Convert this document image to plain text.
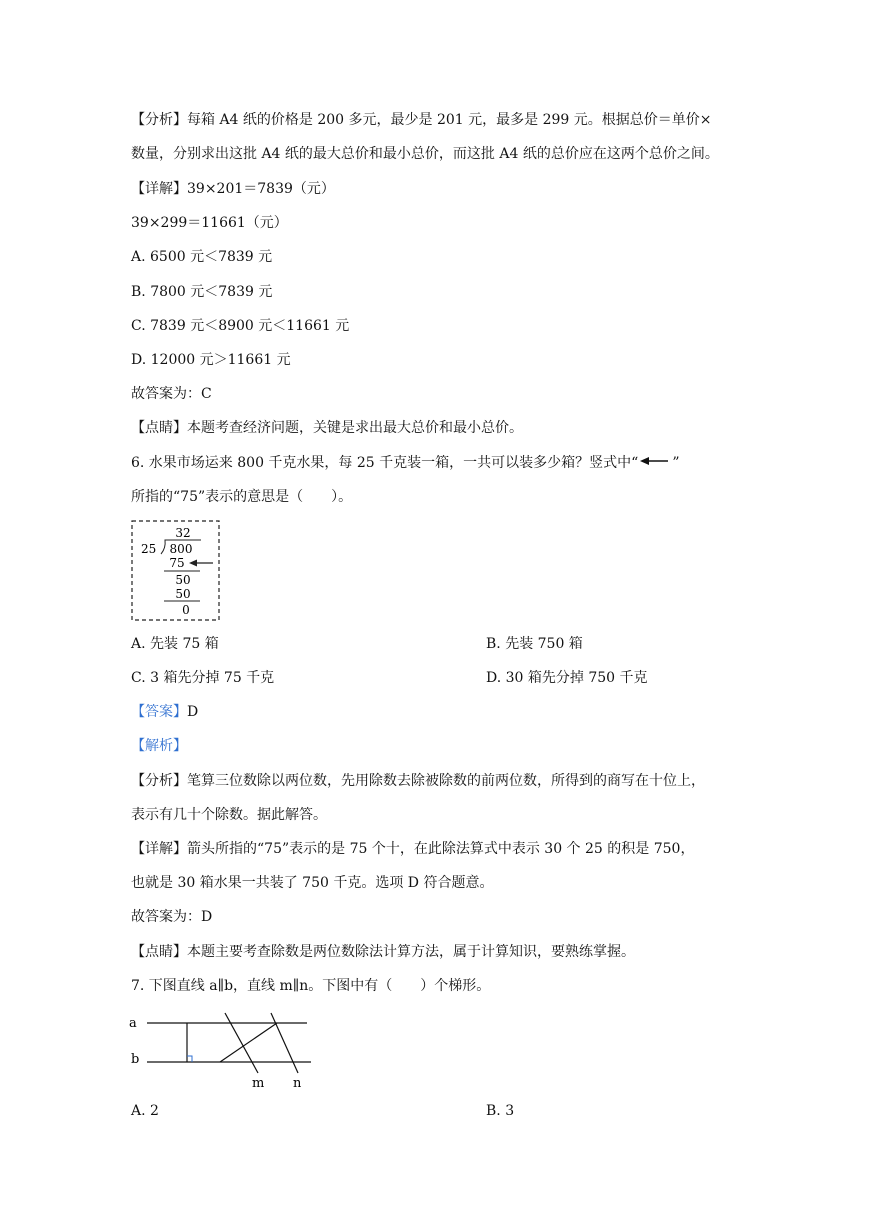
【分析】每箱 A4 纸的价格是 200 多元，最少是 201 元，最多是 299 元。根据总价＝单价×
数量，分别求出这批 A4 纸的最大总价和最小总价，而这批 A4 纸的总价应在这两个总价之间。
【详解】39×201＝7839（元）
39×299＝11661（元）
A. 6500 元＜7839 元
B. 7800 元＜7839 元
C. 7839 元＜8900 元＜11661 元
D. 12000 元＞11661 元
故答案为：C
【点睛】本题考查经济问题，关键是求出最大总价和最小总价。
6. 水果市场运来 800 千克水果，每 25 千克装一箱，一共可以装多少箱？竖式中“ ”
所指的“75”表示的意思是（　　）。
32
25 800
75
50
50
0
A. 先装 75 箱	B. 先装 750 箱
C. 3 箱先分掉 75 千克	D. 30 箱先分掉 750 千克
【答案】D
【解析】
【分析】笔算三位数除以两位数，先用除数去除被除数的前两位数，所得到的商写在十位上，
表示有几十个除数。据此解答。
【详解】箭头所指的“75”表示的是 75 个十，在此除法算式中表示 30 个 25 的积是 750，
也就是 30 箱水果一共装了 750 千克。选项 D 符合题意。
故答案为：D
【点睛】本题主要考查除数是两位数除法计算方法，属于计算知识，要熟练掌握。
7. 下图直线 a∥b，直线 m∥n。下图中有（　　）个梯形。
a
b
m n
A. 2	B. 3
